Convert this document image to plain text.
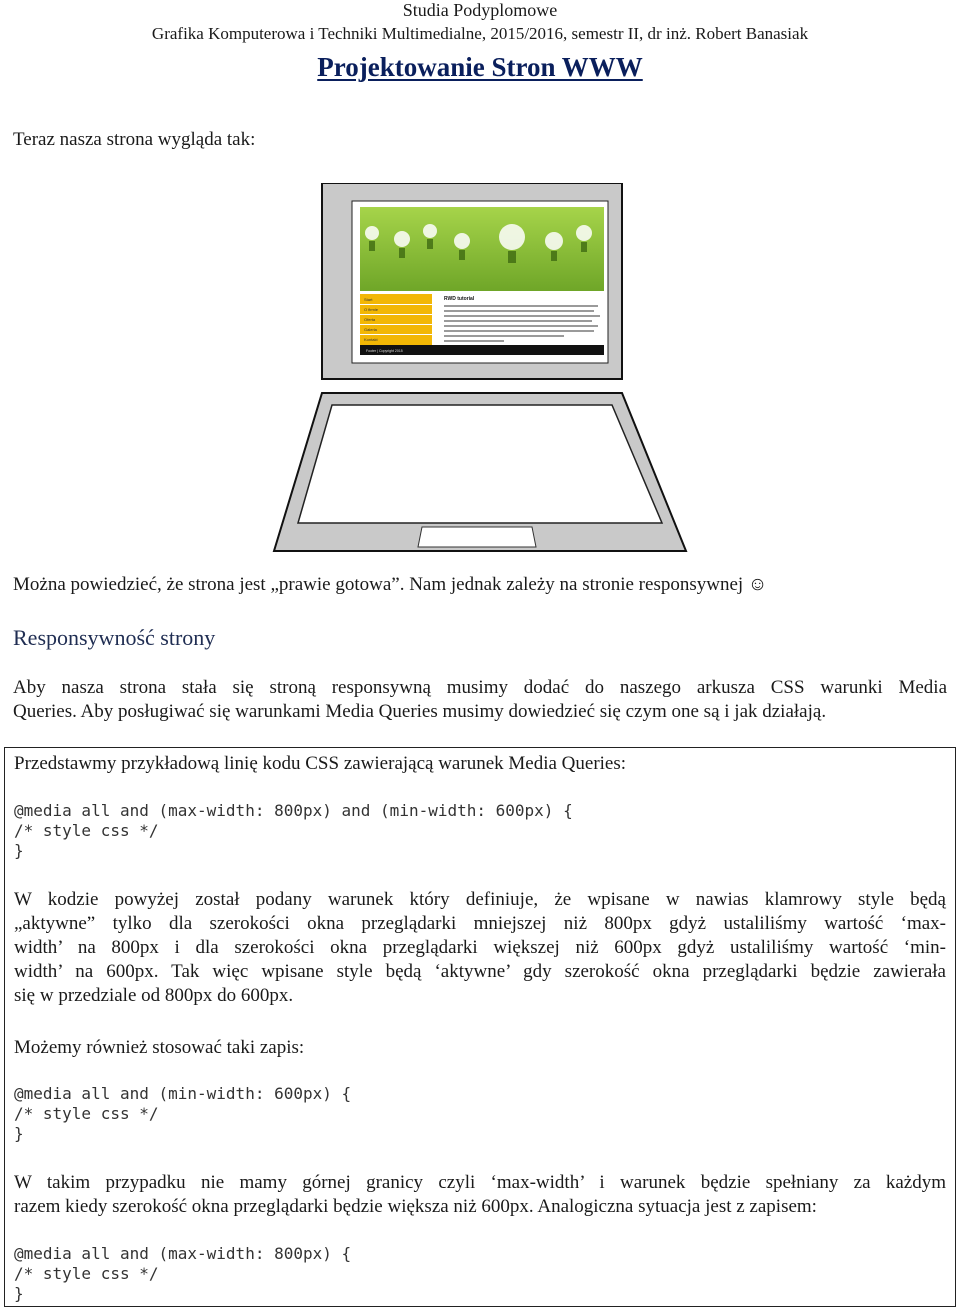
Studia Podyplomowe
Grafika Komputerowa i Techniki Multimedialne, 2015/2016, semestr II, dr inż. Robert Banasiak
Projektowanie Stron WWW
Teraz nasza strona wygląda tak:
Start
O firmie
Oferta
Galeria
Kontakt
RWD tutorial
Footer | Copyright 2015
Można powiedzieć, że strona jest „prawie gotowa”. Nam jednak zależy na stronie responsywnej ☺
Responsywność strony
Aby nasza strona stała się stroną responsywną musimy dodać do naszego arkusza CSS warunki Media
Queries. Aby posługiwać się warunkami Media Queries musimy dowiedzieć się czym one są i jak działają.
Przedstawmy przykładową linię kodu CSS zawierającą warunek Media Queries:
@media all and (max-width: 800px) and (min-width: 600px) {
/* style css */
}
W kodzie powyżej został podany warunek który definiuje, że wpisane w nawias klamrowy style będą
„aktywne” tylko dla szerokości okna przeglądarki mniejszej niż 800px gdyż ustaliliśmy wartość ‘max-
width’ na 800px i dla szerokości okna przeglądarki większej niż 600px gdyż ustaliliśmy wartość ‘min-
width’ na 600px. Tak więc wpisane style będą ‘aktywne’ gdy szerokość okna przeglądarki będzie zawierała
się w przedziale od 800px do 600px.
Możemy również stosować taki zapis:
@media all and (min-width: 600px) {
/* style css */
}
W takim przypadku nie mamy górnej granicy czyli ‘max-width’ i warunek będzie spełniany za każdym
razem kiedy szerokość okna przeglądarki będzie większa niż 600px. Analogiczna sytuacja jest z zapisem:
@media all and (max-width: 800px) {
/* style css */
}
